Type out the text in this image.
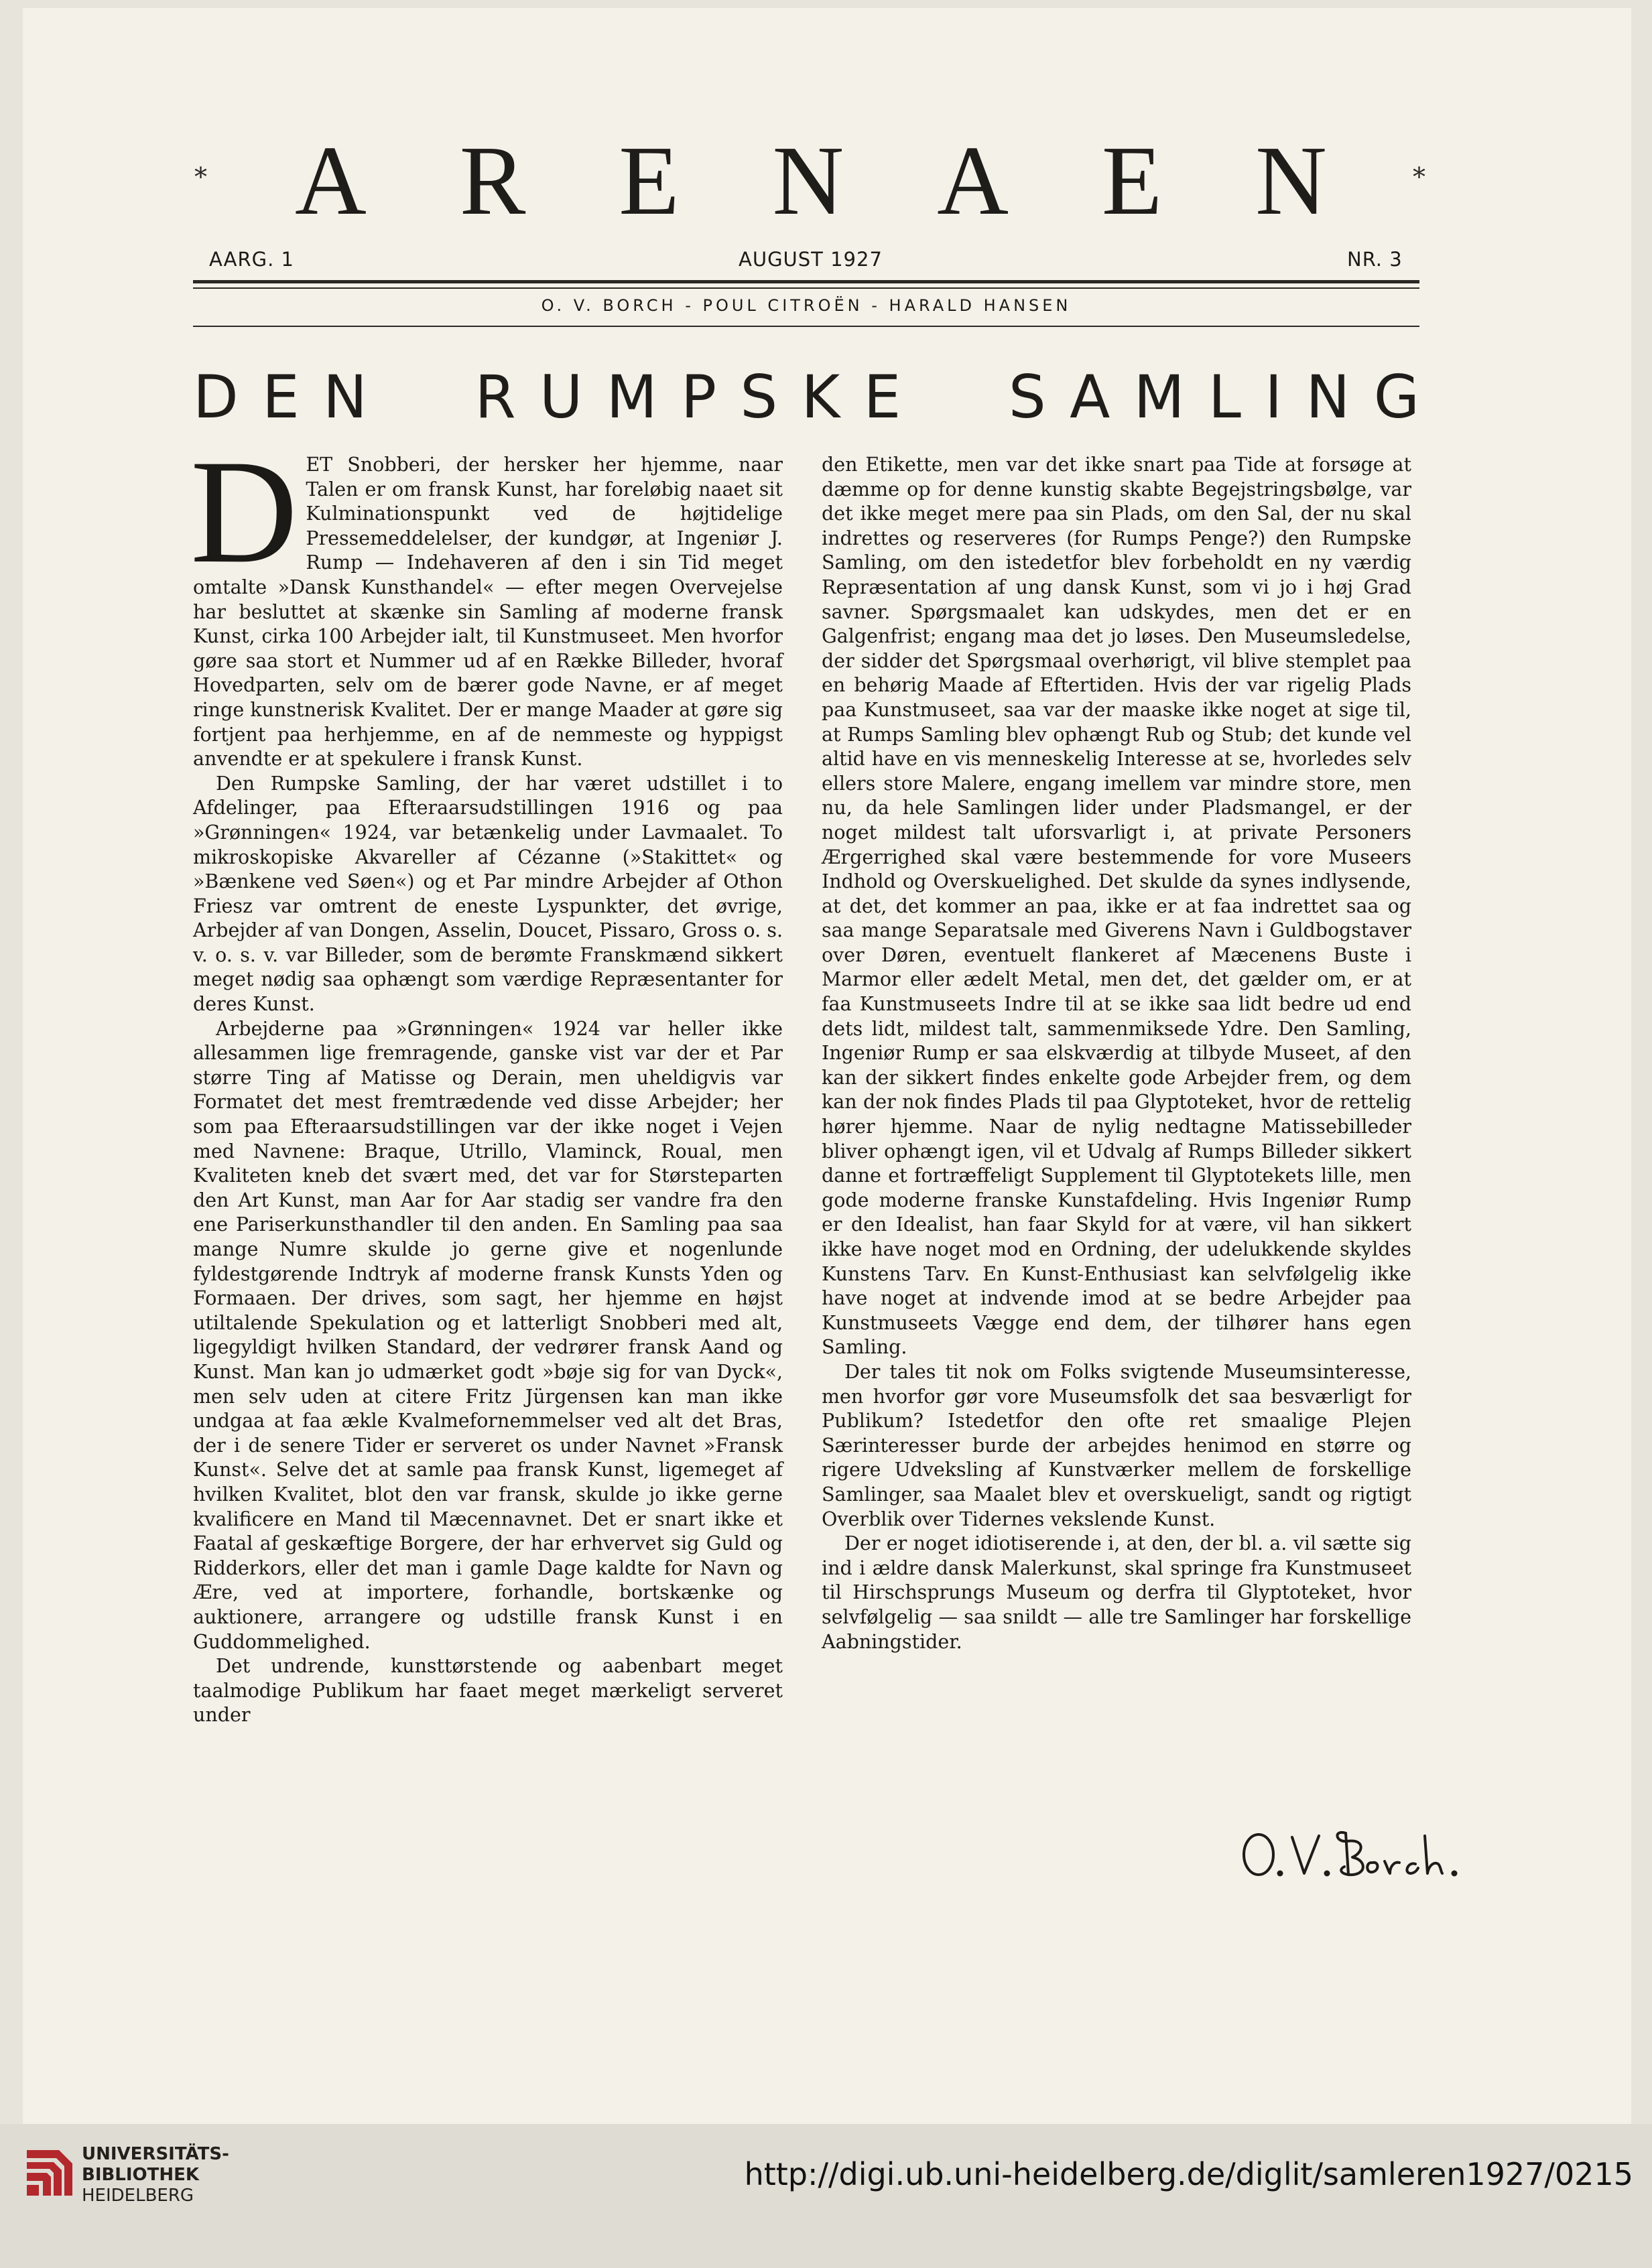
*	*
A R E N A E N
AARG. 1	AUGUST 1927	NR. 3
O. V. BORCH - POUL CITROËN - HARALD HANSEN
D E N R U M P S K E S A M L I N G

DET Snobberi, der hersker her hjemme, naar Talen er om fransk Kunst, har foreløbig naaet sit Kulminationspunkt ved de højtidelige Pressemeddelelser, der kundgør, at Ingeniør J. Rump — Indehaveren af den i sin Tid meget omtalte »Dansk Kunsthandel« — efter megen Overvejelse har besluttet at skænke sin Samling af moderne fransk Kunst, cirka 100 Arbejder ialt, til Kunstmuseet. Men hvorfor gøre saa stort et Nummer ud af en Række Billeder, hvoraf Hovedparten, selv om de bærer gode Navne, er af meget ringe kunstnerisk Kvalitet. Der er mange Maader at gøre sig fortjent paa herhjemme, en af de nemmeste og hyppigst anvendte er at spekulere i fransk Kunst.

Den Rumpske Samling, der har været udstillet i to Afdelinger, paa Efteraarsudstillingen 1916 og paa »Grønningen« 1924, var betænkelig under Lavmaalet. To mikroskopiske Akvareller af Cézanne (»Stakittet« og »Bænkene ved Søen«) og et Par mindre Arbejder af Othon Friesz var omtrent de eneste Lyspunkter, det øvrige, Arbejder af van Dongen, Asselin, Doucet, Pissaro, Gross o. s. v. o. s. v. var Billeder, som de berømte Franskmænd sikkert meget nødig saa ophængt som værdige Repræsentanter for deres Kunst.

Arbejderne paa »Grønningen« 1924 var heller ikke allesammen lige fremragende, ganske vist var der et Par større Ting af Matisse og Derain, men uheldigvis var Formatet det mest fremtrædende ved disse Arbejder; her som paa Efteraarsudstillingen var der ikke noget i Vejen med Navnene: Braque, Utrillo, Vlaminck, Roual, men Kvaliteten kneb det svært med, det var for Størsteparten den Art Kunst, man Aar for Aar stadig ser vandre fra den ene Pariserkunsthandler til den anden. En Samling paa saa mange Numre skulde jo gerne give et nogenlunde fyldestgørende Indtryk af moderne fransk Kunsts Yden og Formaaen. Der drives, som sagt, her hjemme en højst utiltalende Spekulation og et latterligt Snobberi med alt, ligegyldigt hvilken Standard, der vedrører fransk Aand og Kunst. Man kan jo udmærket godt »bøje sig for van Dyck«, men selv uden at citere Fritz Jürgensen kan man ikke undgaa at faa ækle Kvalmefornemmelser ved alt det Bras, der i de senere Tider er serveret os under Navnet »Fransk Kunst«. Selve det at samle paa fransk Kunst, ligemeget af hvilken Kvalitet, blot den var fransk, skulde jo ikke gerne kvalificere en Mand til Mæcennavnet. Det er snart ikke et Faatal af geskæftige Borgere, der har erhvervet sig Guld og Ridderkors, eller det man i gamle Dage kaldte for Navn og Ære, ved at importere, forhandle, bortskænke og auktionere, arrangere og udstille fransk Kunst i en Guddommelighed.

Det undrende, kunsttørstende og aabenbart meget taalmodige Publikum har faaet meget mærkeligt serveret under

den Etikette, men var det ikke snart paa Tide at forsøge at dæmme op for denne kunstig skabte Begejstringsbølge, var det ikke meget mere paa sin Plads, om den Sal, der nu skal indrettes og reserveres (for Rumps Penge?) den Rumpske Samling, om den istedetfor blev forbeholdt en ny værdig Repræsentation af ung dansk Kunst, som vi jo i høj Grad savner. Spørgsmaalet kan udskydes, men det er en Galgenfrist; engang maa det jo løses. Den Museumsledelse, der sidder det Spørgsmaal overhørigt, vil blive stemplet paa en behørig Maade af Eftertiden. Hvis der var rigelig Plads paa Kunstmuseet, saa var der maaske ikke noget at sige til, at Rumps Samling blev ophængt Rub og Stub; det kunde vel altid have en vis menneskelig Interesse at se, hvorledes selv ellers store Malere, engang imellem var mindre store, men nu, da hele Samlingen lider under Pladsmangel, er der noget mildest talt uforsvarligt i, at private Personers Ærgerrighed skal være bestemmende for vore Museers Indhold og Overskuelighed. Det skulde da synes indlysende, at det, det kommer an paa, ikke er at faa indrettet saa og saa mange Separatsale med Giverens Navn i Guldbogstaver over Døren, eventuelt flankeret af Mæcenens Buste i Marmor eller ædelt Metal, men det, det gælder om, er at faa Kunstmuseets Indre til at se ikke saa lidt bedre ud end dets lidt, mildest talt, sammenmiksede Ydre. Den Samling, Ingeniør Rump er saa elskværdig at tilbyde Museet, af den kan der sikkert findes enkelte gode Arbejder frem, og dem kan der nok findes Plads til paa Glyptoteket, hvor de rettelig hører hjemme. Naar de nylig nedtagne Matissebilleder bliver ophængt igen, vil et Udvalg af Rumps Billeder sikkert danne et fortræffeligt Supplement til Glyptotekets lille, men gode moderne franske Kunstafdeling. Hvis Ingeniør Rump er den Idealist, han faar Skyld for at være, vil han sikkert ikke have noget mod en Ordning, der udelukkende skyldes Kunstens Tarv. En Kunst-Enthusiast kan selvfølgelig ikke have noget at indvende imod at se bedre Arbejder paa Kunstmuseets Vægge end dem, der tilhører hans egen Samling.

Der tales tit nok om Folks svigtende Museumsinteresse, men hvorfor gør vore Museumsfolk det saa besværligt for Publikum? Istedetfor den ofte ret smaalige Plejen Særinteresser burde der arbejdes henimod en større og rigere Udveksling af Kunstværker mellem de forskellige Samlinger, saa Maalet blev et overskueligt, sandt og rigtigt Overblik over Tidernes vekslende Kunst.

Der er noget idiotiserende i, at den, der bl. a. vil sætte sig ind i ældre dansk Malerkunst, skal springe fra Kunstmuseet til Hirschsprungs Museum og derfra til Glyptoteket, hvor selvfølgelig — saa snildt — alle tre Samlinger har forskellige Aabningstider.

UNIVERSITÄTS-
BIBLIOTHEK
HEIDELBERG
http://digi.ub.uni-heidelberg.de/diglit/samleren1927/0215
